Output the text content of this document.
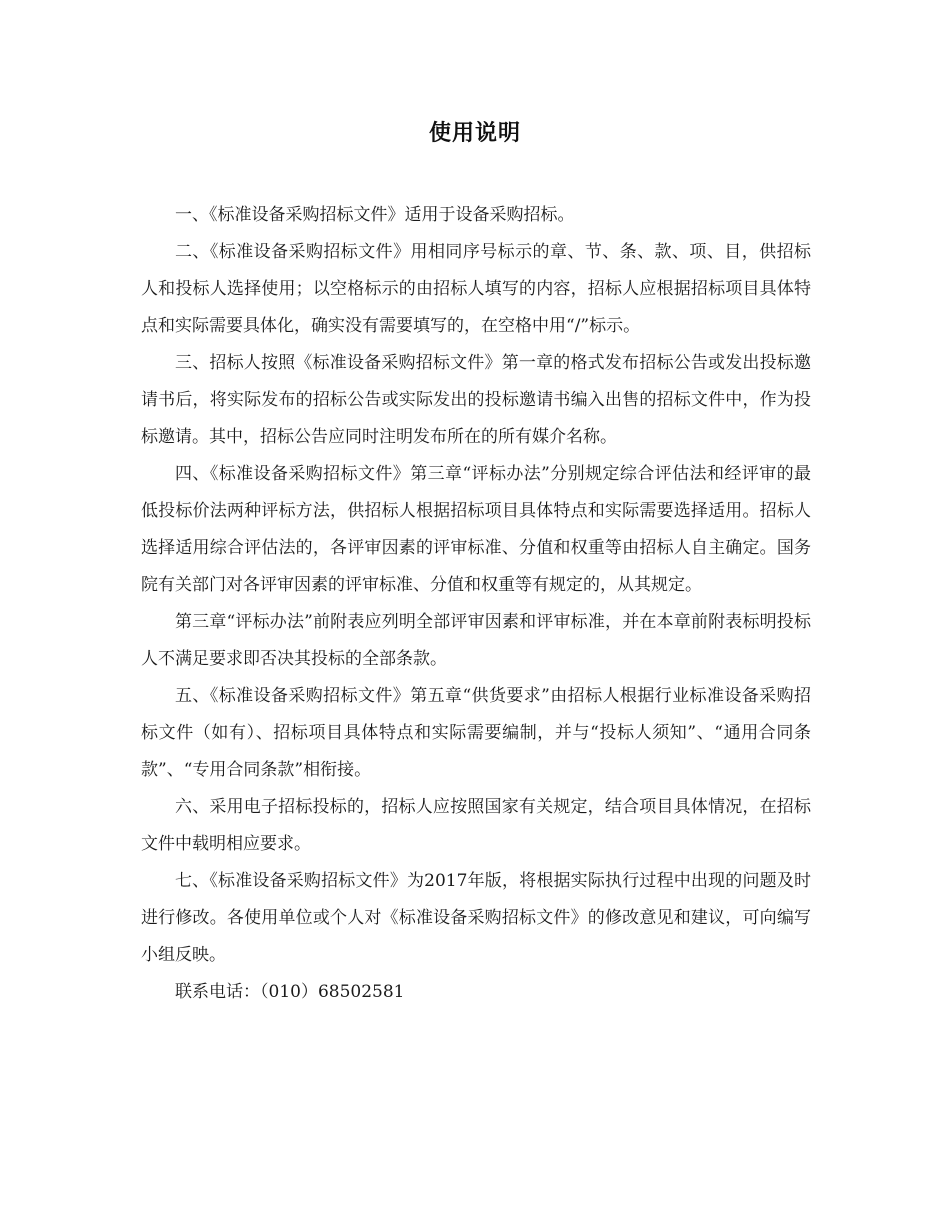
使用说明

一、《标准设备采购招标文件》适用于设备采购招标。

二、《标准设备采购招标文件》用相同序号标示的章、节、条、款、项、目，供招标人和投标人选择使用；以空格标示的由招标人填写的内容，招标人应根据招标项目具体特点和实际需要具体化，确实没有需要填写的，在空格中用“/”标示。

三、招标人按照《标准设备采购招标文件》第一章的格式发布招标公告或发出投标邀请书后，将实际发布的招标公告或实际发出的投标邀请书编入出售的招标文件中，作为投标邀请。其中，招标公告应同时注明发布所在的所有媒介名称。

四、《标准设备采购招标文件》第三章“评标办法”分别规定综合评估法和经评审的最低投标价法两种评标方法，供招标人根据招标项目具体特点和实际需要选择适用。招标人选择适用综合评估法的，各评审因素的评审标准、分值和权重等由招标人自主确定。国务院有关部门对各评审因素的评审标准、分值和权重等有规定的，从其规定。

第三章“评标办法”前附表应列明全部评审因素和评审标准，并在本章前附表标明投标人不满足要求即否决其投标的全部条款。

五、《标准设备采购招标文件》第五章“供货要求”由招标人根据行业标准设备采购招标文件（如有）、招标项目具体特点和实际需要编制，并与“投标人须知”、“通用合同条款”、“专用合同条款”相衔接。

六、采用电子招标投标的，招标人应按照国家有关规定，结合项目具体情况，在招标文件中载明相应要求。

七、《标准设备采购招标文件》为2017年版，将根据实际执行过程中出现的问题及时进行修改。各使用单位或个人对《标准设备采购招标文件》的修改意见和建议，可向编写小组反映。

联系电话：（010）68502581
